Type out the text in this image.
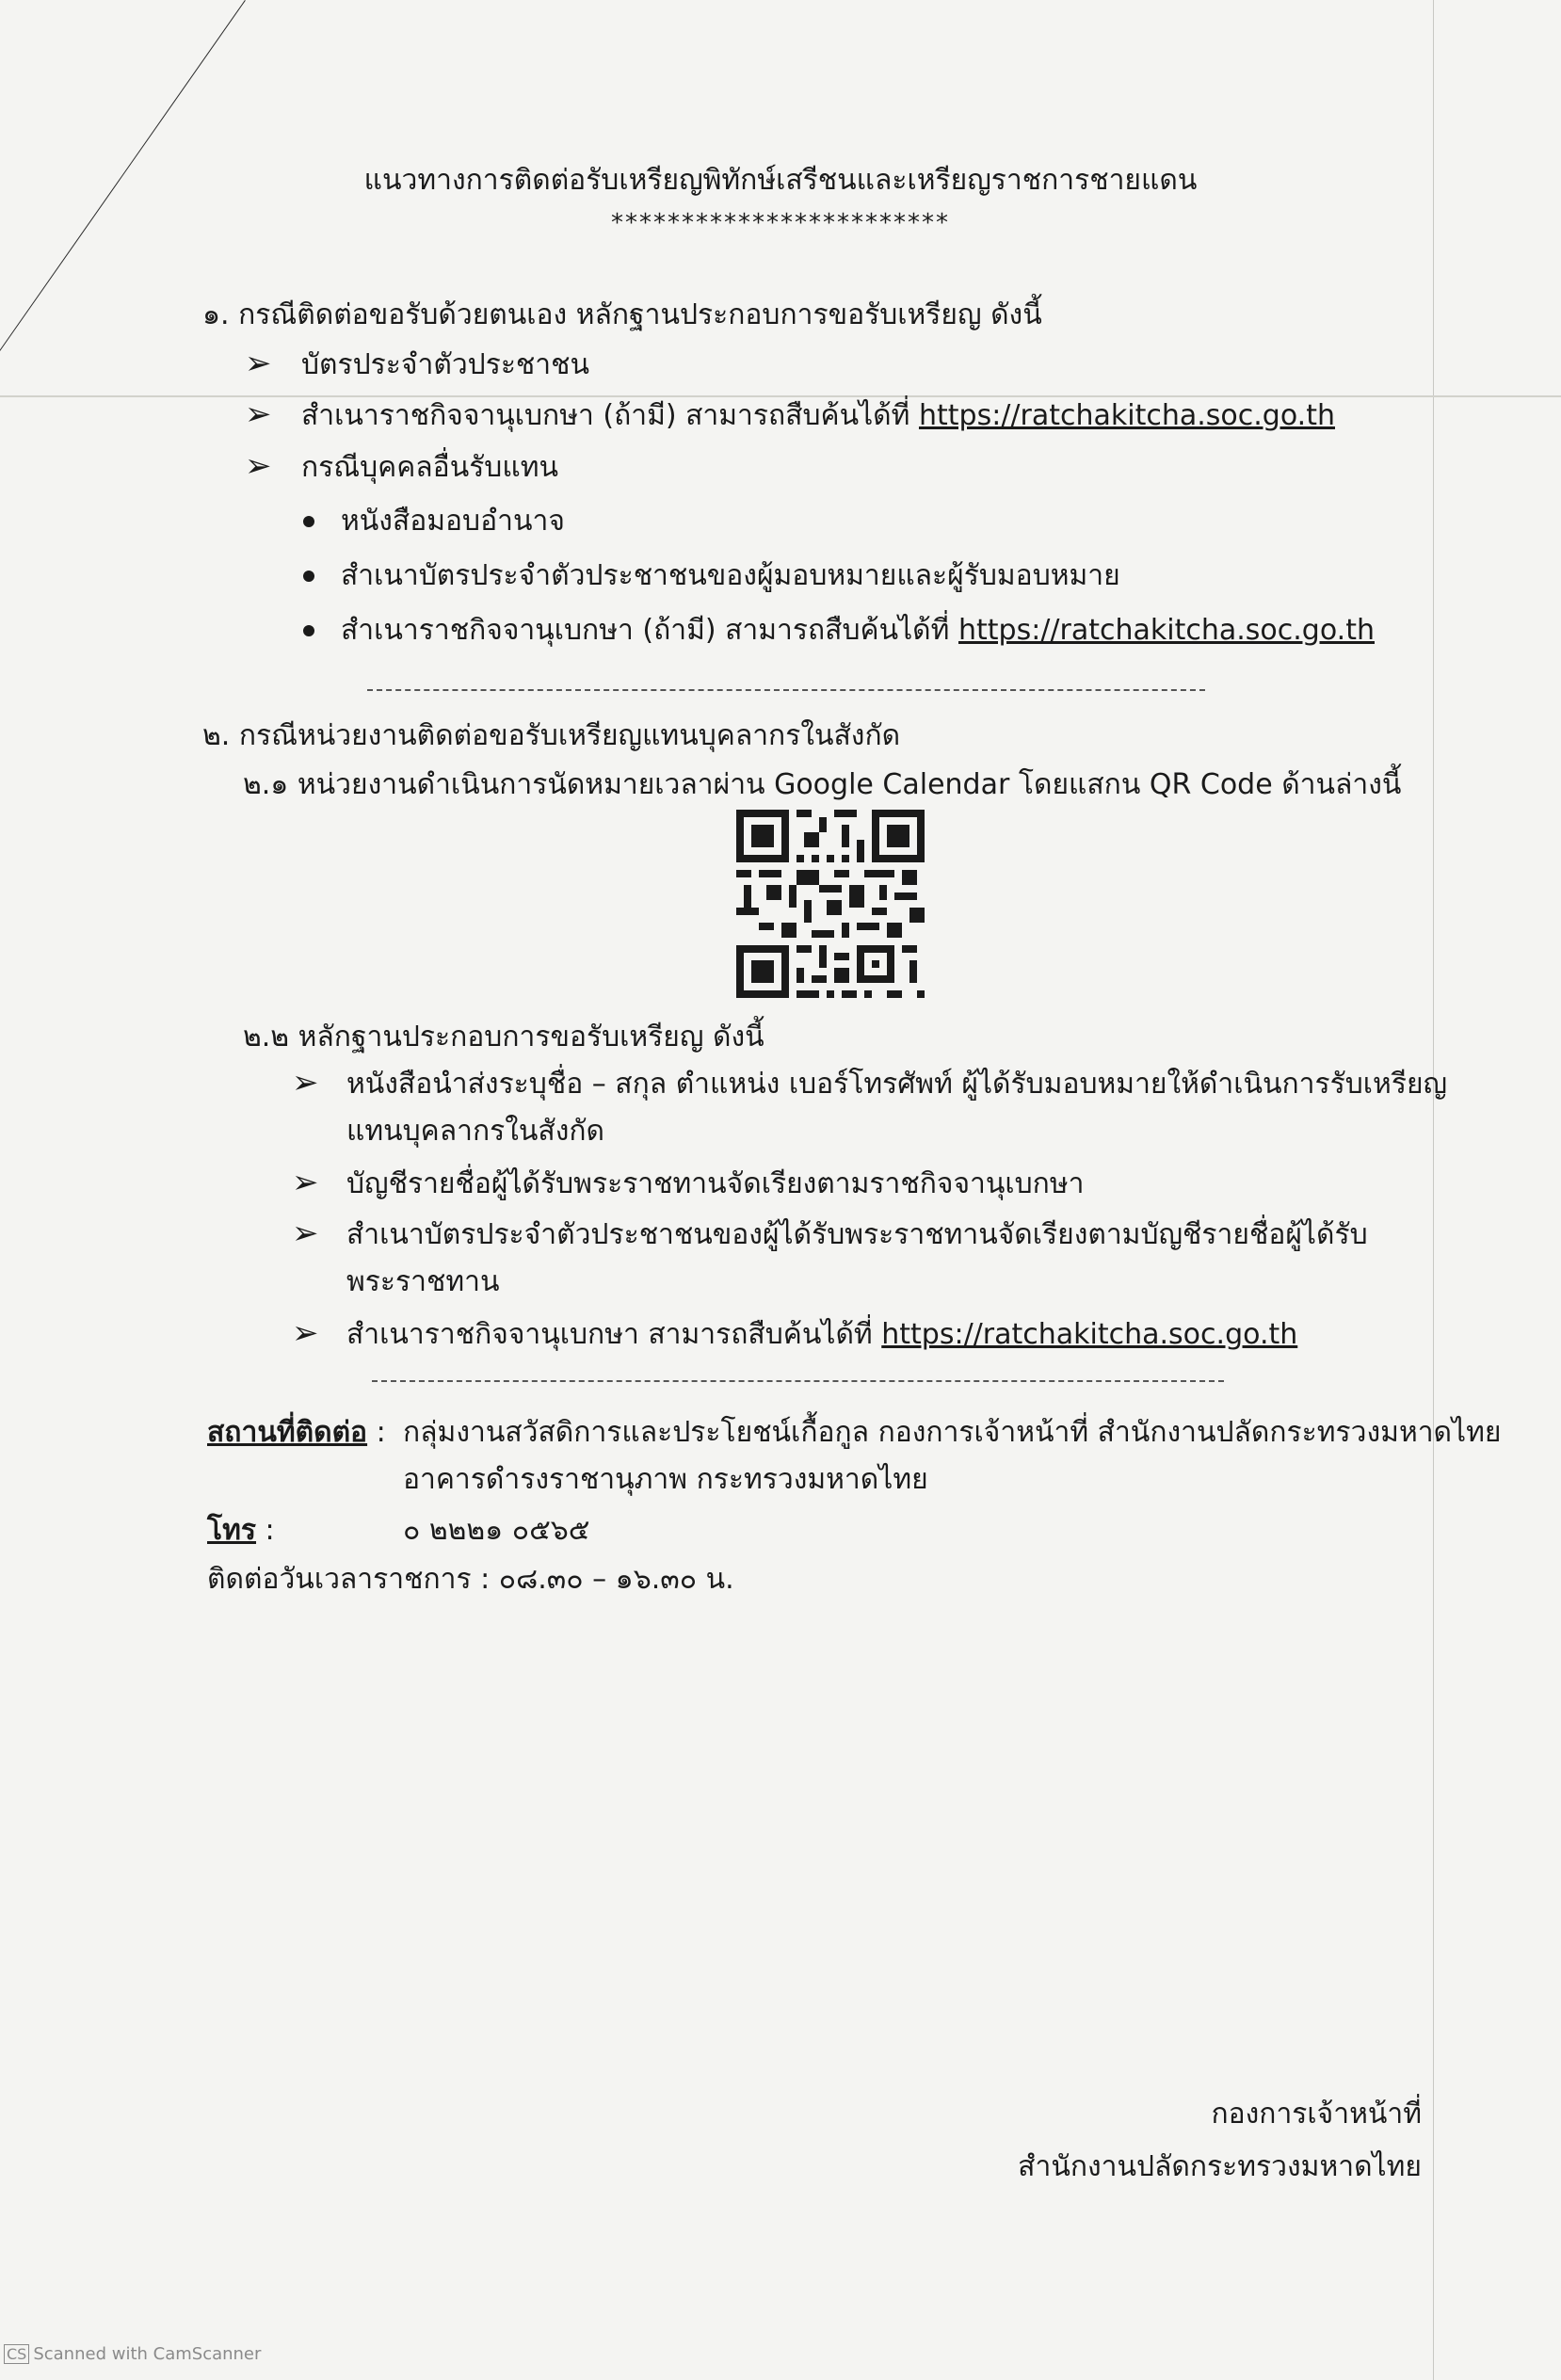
แนวทางการติดต่อรับเหรียญพิทักษ์เสรีชนและเหรียญราชการชายแดน
************************
๑. กรณีติดต่อขอรับด้วยตนเอง หลักฐานประกอบการขอรับเหรียญ ดังนี้
➢ บัตรประจำตัวประชาชน
➢ สำเนาราชกิจจานุเบกษา (ถ้ามี) สามารถสืบค้นได้ที่ https://ratchakitcha.soc.go.th
➢ กรณีบุคคลอื่นรับแทน
หนังสือมอบอำนาจ
สำเนาบัตรประจำตัวประชาชนของผู้มอบหมายและผู้รับมอบหมาย
สำเนาราชกิจจานุเบกษา (ถ้ามี) สามารถสืบค้นได้ที่ https://ratchakitcha.soc.go.th
๒. กรณีหน่วยงานติดต่อขอรับเหรียญแทนบุคลากรในสังกัด
๒.๑ หน่วยงานดำเนินการนัดหมายเวลาผ่าน Google Calendar โดยแสกน QR Code ด้านล่างนี้
๒.๒ หลักฐานประกอบการขอรับเหรียญ ดังนี้
➢ หนังสือนำส่งระบุชื่อ – สกุล ตำแหน่ง เบอร์โทรศัพท์ ผู้ได้รับมอบหมายให้ดำเนินการรับเหรียญ
แทนบุคลากรในสังกัด
➢ บัญชีรายชื่อผู้ได้รับพระราชทานจัดเรียงตามราชกิจจานุเบกษา
➢ สำเนาบัตรประจำตัวประชาชนของผู้ได้รับพระราชทานจัดเรียงตามบัญชีรายชื่อผู้ได้รับ
พระราชทาน
➢ สำเนาราชกิจจานุเบกษา สามารถสืบค้นได้ที่ https://ratchakitcha.soc.go.th
สถานที่ติดต่อ : กลุ่มงานสวัสดิการและประโยชน์เกื้อกูล กองการเจ้าหน้าที่ สำนักงานปลัดกระทรวงมหาดไทย
อาคารดำรงราชานุภาพ กระทรวงมหาดไทย
โทร :	๐ ๒๒๒๑ ๐๕๖๕
ติดต่อวันเวลาราชการ : ๐๘.๓๐ – ๑๖.๓๐ น.
กองการเจ้าหน้าที่
สำนักงานปลัดกระทรวงมหาดไทย
CS Scanned with CamScanner
